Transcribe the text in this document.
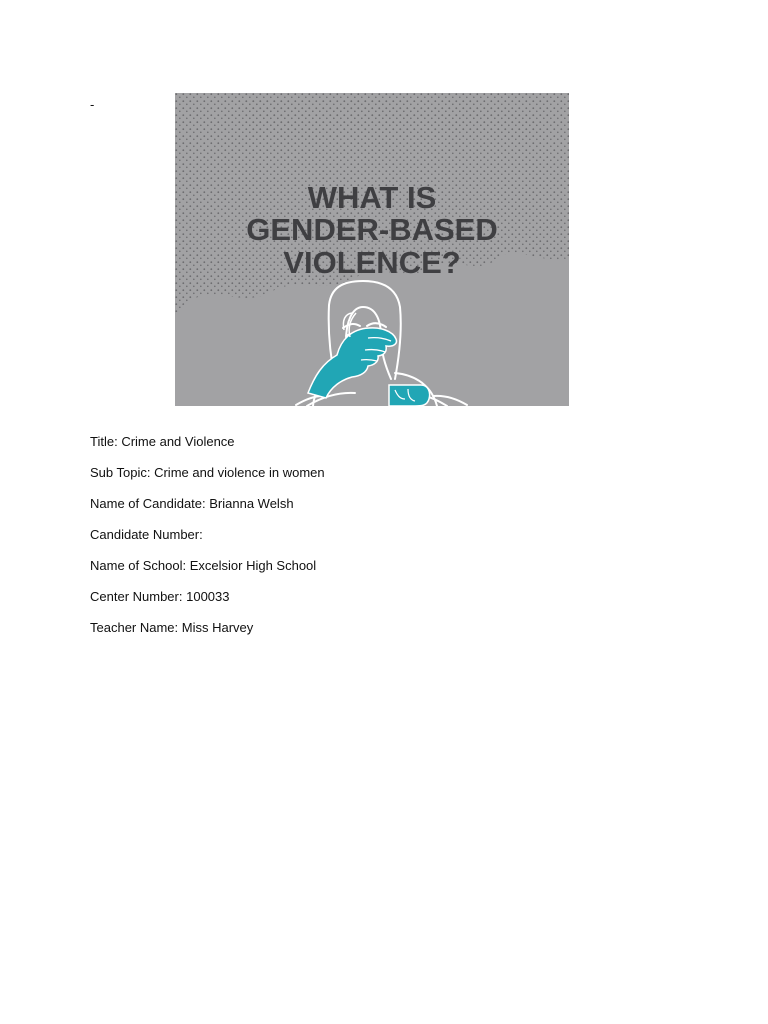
-
WHAT IS
GENDER-BASED
VIOLENCE?
Title: Crime and Violence
Sub Topic: Crime and violence in women
Name of Candidate: Brianna Welsh
Candidate Number:
Name of School: Excelsior High School
Center Number: 100033
Teacher Name: Miss Harvey
